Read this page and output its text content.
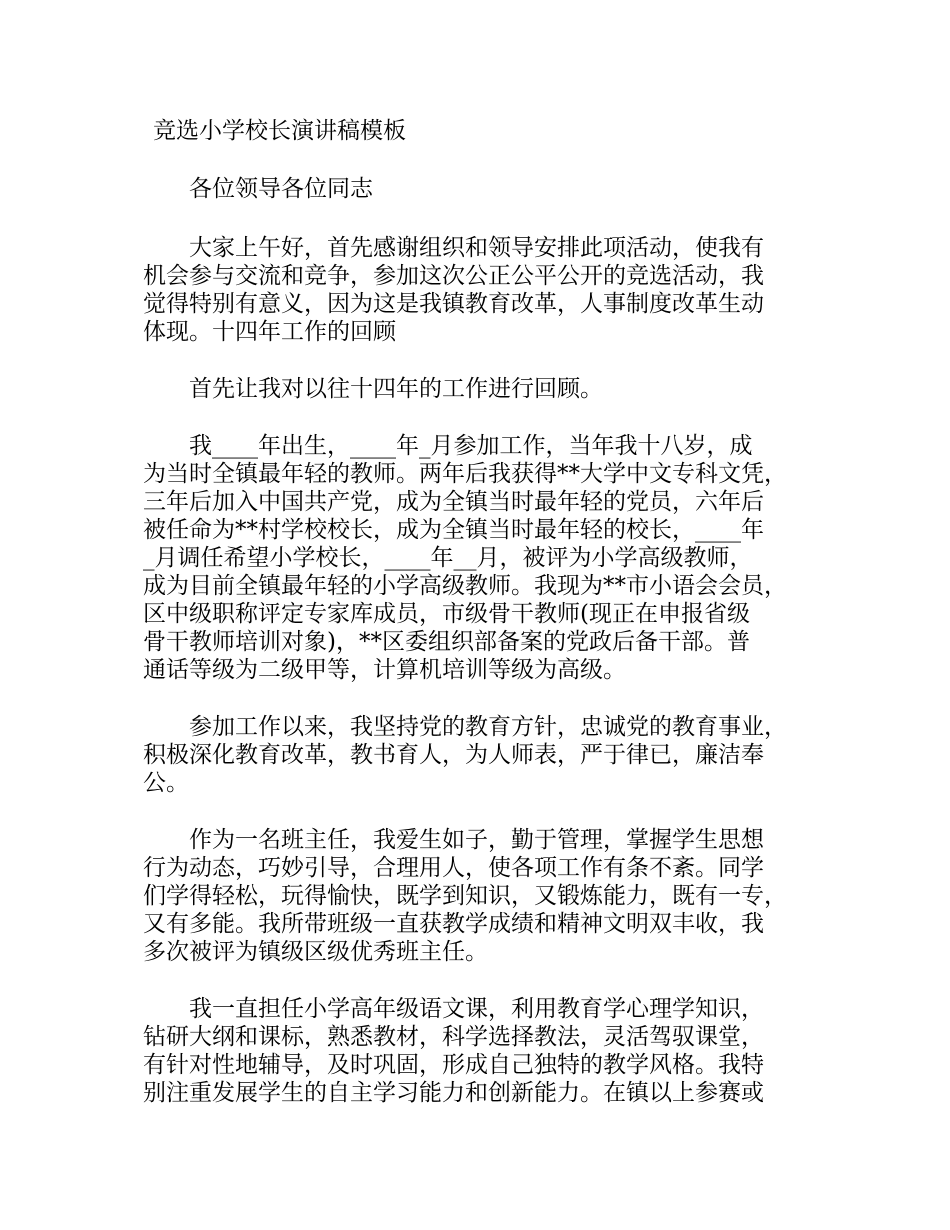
竞选小学校长演讲稿模板
各位领导各位同志
大家上午好，首先感谢组织和领导安排此项活动，使我有
机会参与交流和竞争，参加这次公正公平公开的竞选活动，我
觉得特别有意义，因为这是我镇教育改革，人事制度改革生动
体现。十四年工作的回顾
首先让我对以往十四年的工作进行回顾。
我____年出生，____年_月参加工作，当年我十八岁，成
为当时全镇最年轻的教师。两年后我获得**大学中文专科文凭，
三年后加入中国共产党，成为全镇当时最年轻的党员，六年后
被任命为**村学校校长，成为全镇当时最年轻的校长，____年
_月调任希望小学校长，____年__月，被评为小学高级教师，
成为目前全镇最年轻的小学高级教师。我现为**市小语会会员，
区中级职称评定专家库成员，市级骨干教师(现正在申报省级
骨干教师培训对象)，**区委组织部备案的党政后备干部。普
通话等级为二级甲等，计算机培训等级为高级。
参加工作以来，我坚持党的教育方针，忠诚党的教育事业，
积极深化教育改革，教书育人，为人师表，严于律已，廉洁奉
公。
作为一名班主任，我爱生如子，勤于管理，掌握学生思想
行为动态，巧妙引导，合理用人，使各项工作有条不紊。同学
们学得轻松，玩得愉快，既学到知识，又锻炼能力，既有一专，
又有多能。我所带班级一直获教学成绩和精神文明双丰收，我
多次被评为镇级区级优秀班主任。
我一直担任小学高年级语文课，利用教育学心理学知识，
钻研大纲和课标，熟悉教材，科学选择教法，灵活驾驭课堂，
有针对性地辅导，及时巩固，形成自己独特的教学风格。我特
别注重发展学生的自主学习能力和创新能力。在镇以上参赛或
